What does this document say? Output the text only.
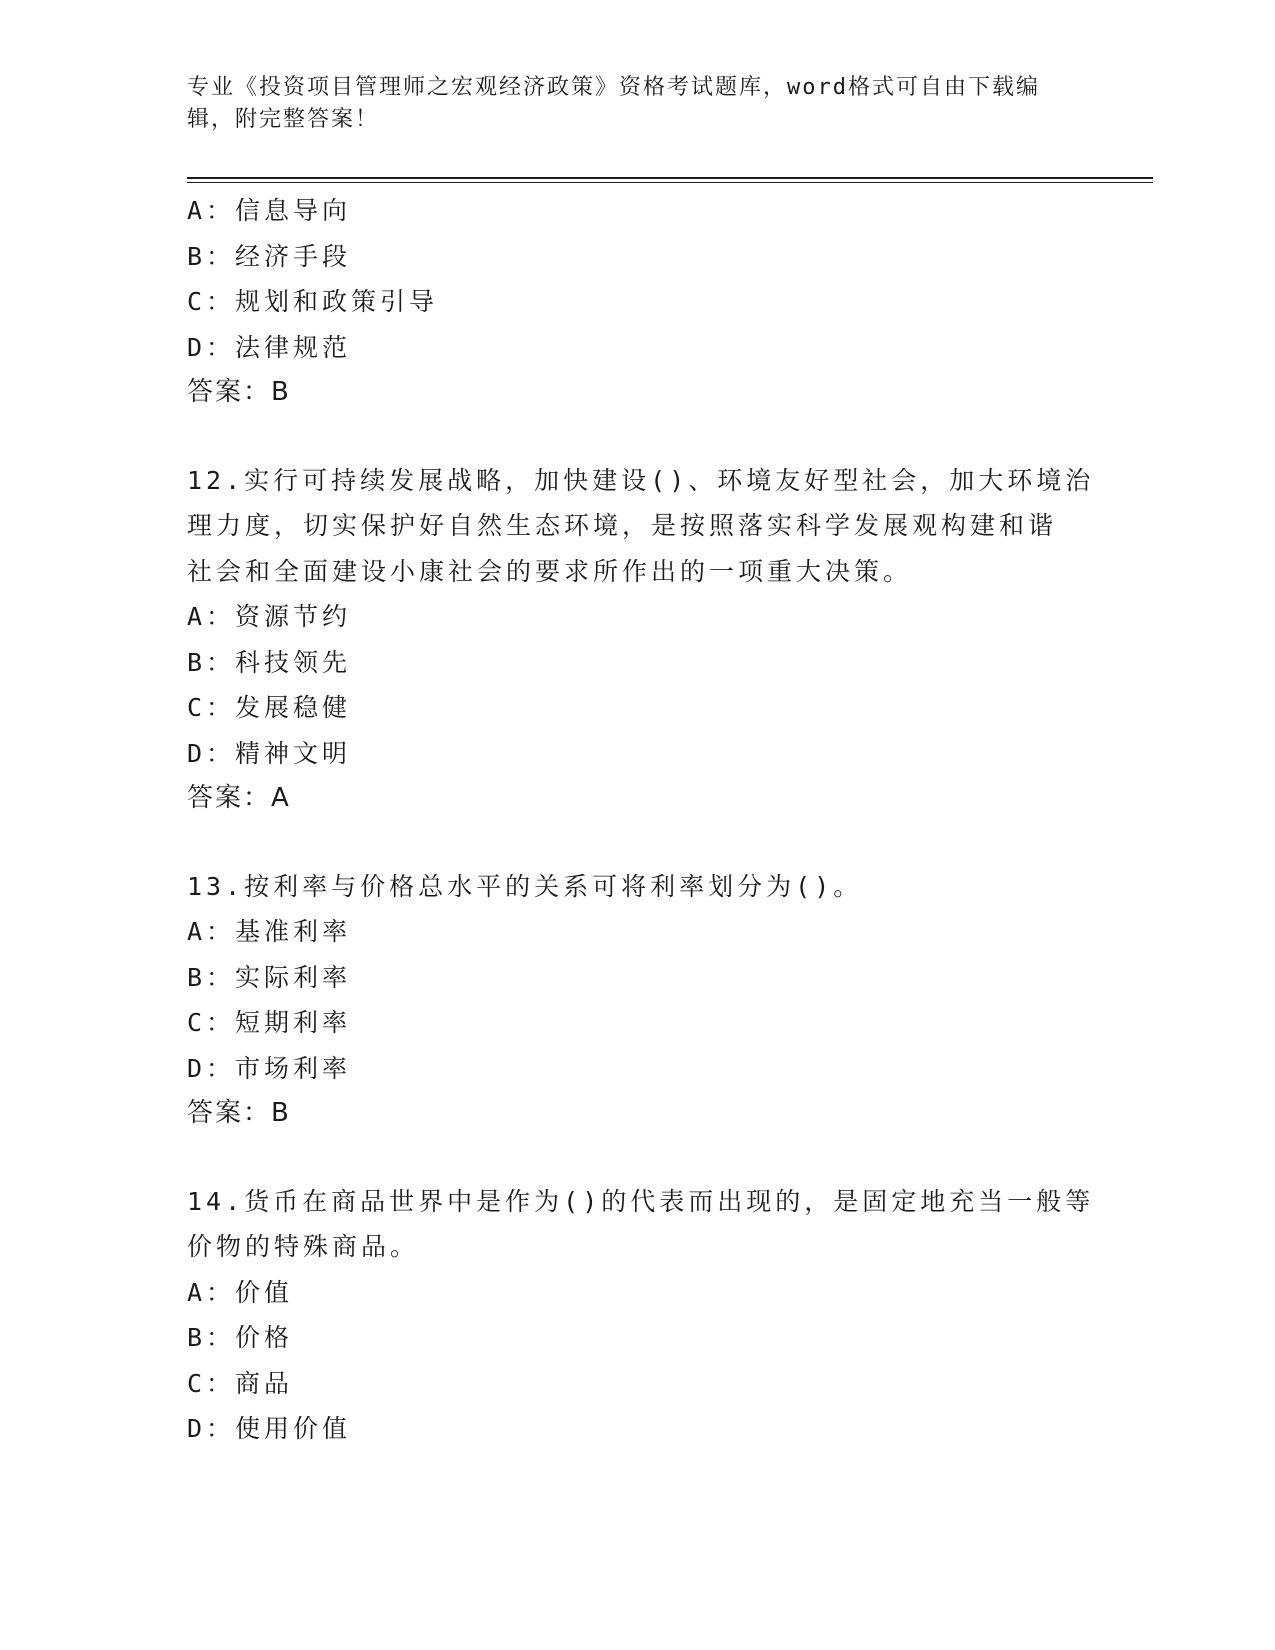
专业《投资项目管理师之宏观经济政策》资格考试题库，word格式可自由下载编
辑，附完整答案！
A：信息导向
B：经济手段
C：规划和政策引导
D：法律规范
答案：B
12.实行可持续发展战略，加快建设()、环境友好型社会，加大环境治
理力度，切实保护好自然生态环境，是按照落实科学发展观构建和谐
社会和全面建设小康社会的要求所作出的一项重大决策。
A：资源节约
B：科技领先
C：发展稳健
D：精神文明
答案：A
13.按利率与价格总水平的关系可将利率划分为()。
A：基准利率
B：实际利率
C：短期利率
D：市场利率
答案：B
14.货币在商品世界中是作为()的代表而出现的，是固定地充当一般等
价物的特殊商品。
A：价值
B：价格
C：商品
D：使用价值
